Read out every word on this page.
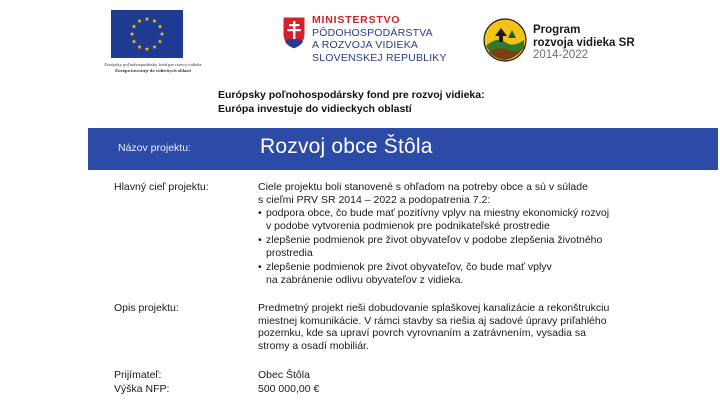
Európsky poľnohospodársky fond pre rozvoj vidieka
Európa investuje do vidieckych oblastí
MINISTERSTVO
PÔDOHOSPODÁRSTVA
A ROZVOJA VIDIEKA
SLOVENSKEJ REPUBLIKY
Program
rozvoja vidieka SR
2014-2022
Európsky poľnohospodársky fond pre rozvoj vidieka:
Európa investuje do vidieckych oblastí
Názov projektu:	Rozvoj obce Štôla
Hlavný cieľ projektu:	Ciele projektu boli stanovené s ohľadom na potreby obce a sú v súlade
s cieľmi PRV SR 2014 – 2022 a podopatrenia 7.2:
• podpora obce, čo bude mať pozitívny vplyv na miestny ekonomický rozvoj
v podobe vytvorenia podmienok pre podnikateľské prostredie
• zlepšenie podmienok pre život obyvateľov v podobe zlepšenia životného
prostredia
• zlepšenie podmienok pre život obyvateľov, čo bude mať vplyv
na zabránenie odlivu obyvateľov z vidieka.
Opis projektu:	Predmetný projekt rieši dobudovanie splaškovej kanalizácie a rekonštrukciu
miestnej komunikácie. V rámci stavby sa riešia aj sadové úpravy priľahlého
pozemku, kde sa upraví povrch vyrovnaním a zatrávnením, vysadia sa
stromy a osadí mobiliár.
Prijímateľ:	Obec Štôla
Výška NFP:	500 000,00 €
